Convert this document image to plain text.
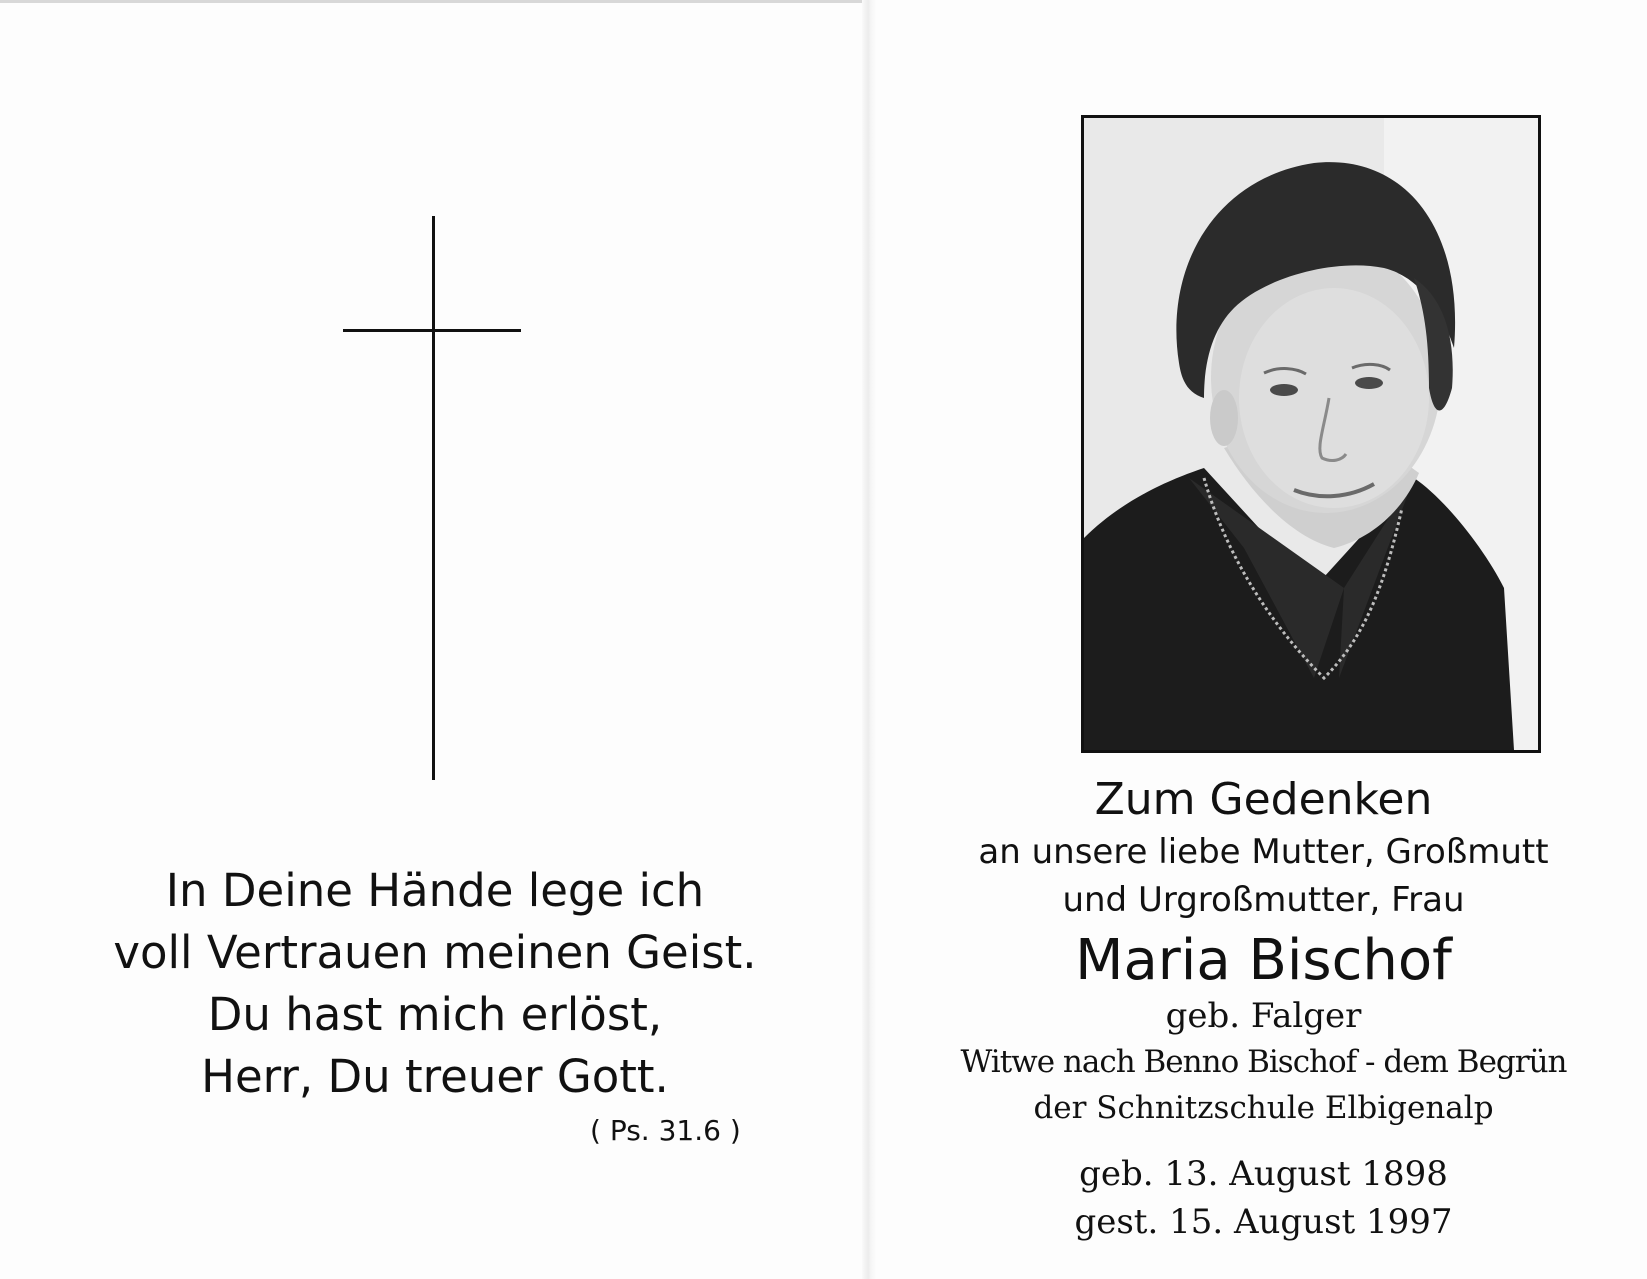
In Deine Hände lege ich
voll Vertrauen meinen Geist.
Du hast mich erlöst,
Herr, Du treuer Gott.
( Ps. 31.6 )
Zum Gedenken
an unsere liebe Mutter, Großmutt
und Urgroßmutter, Frau
Maria Bischof
geb. Falger
Witwe nach Benno Bischof - dem Begrün
der Schnitzschule Elbigenalp
geb. 13. August 1898
gest. 15. August 1997
